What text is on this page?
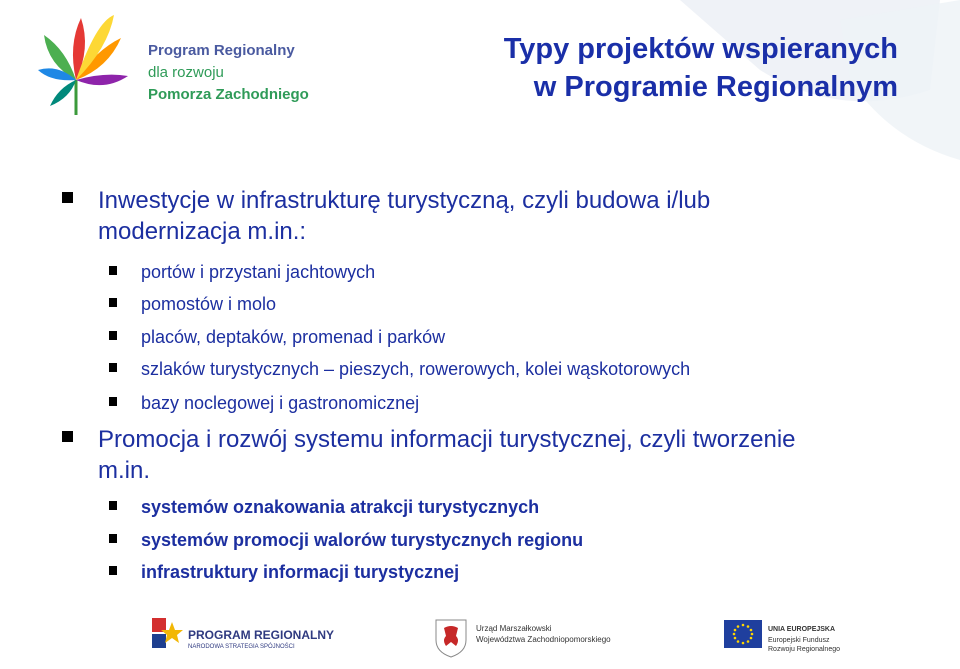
Program Regionalny
dla rozwoju
Pomorza Zachodniego
Typy projektów wspieranych
w Programie Regionalnym
Inwestycje w infrastrukturę turystyczną, czyli budowa i/lub modernizacja m.in.:
portów i przystani jachtowych
pomostów i molo
placów, deptaków, promenad i parków
szlaków turystycznych – pieszych, rowerowych, kolei wąskotorowych
bazy noclegowej i gastronomicznej
Promocja i rozwój systemu informacji turystycznej, czyli tworzenie m.in.
systemów oznakowania atrakcji turystycznych
systemów promocji walorów turystycznych regionu
infrastruktury informacji turystycznej
PROGRAM REGIONALNY
NARODOWA STRATEGIA SPÓJNOŚCI
Urząd Marszałkowski
Województwa Zachodniopomorskiego
UNIA EUROPEJSKA
Europejski Fundusz
Rozwoju Regionalnego
